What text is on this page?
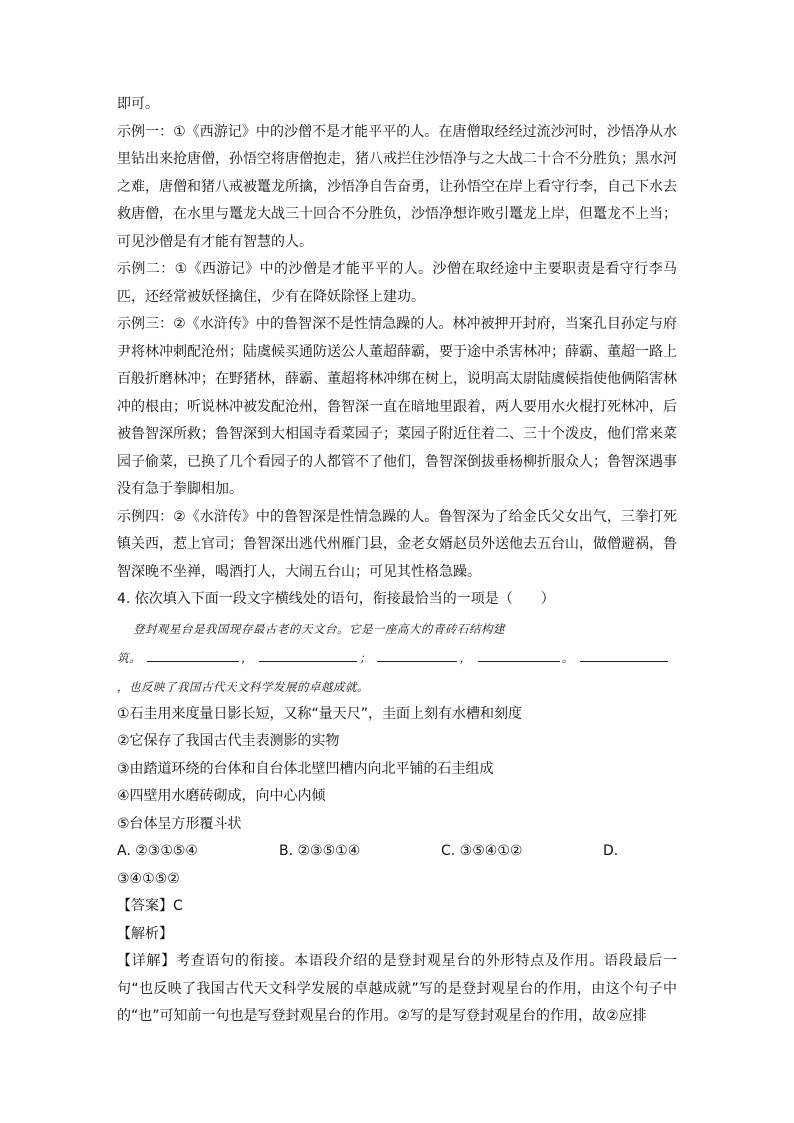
即可。

示例一：①《西游记》中的沙僧不是才能平平的人。在唐僧取经经过流沙河时，沙悟净从水里钻出来抢唐僧，孙悟空将唐僧抱走，猪八戒拦住沙悟净与之大战二十合不分胜负；黑水河之难，唐僧和猪八戒被鼍龙所擒，沙悟净自告奋勇，让孙悟空在岸上看守行李，自己下水去救唐僧，在水里与鼍龙大战三十回合不分胜负，沙悟净想诈败引鼍龙上岸，但鼍龙不上当；可见沙僧是有才能有智慧的人。

示例二：①《西游记》中的沙僧是才能平平的人。沙僧在取经途中主要职责是看守行李马匹，还经常被妖怪擒住，少有在降妖除怪上建功。

示例三：②《水浒传》中的鲁智深不是性情急躁的人。林冲被押开封府，当案孔目孙定与府尹将林冲刺配沧州；陆虞候买通防送公人董超薛霸，要于途中杀害林冲；薛霸、董超一路上百般折磨林冲；在野猪林，薛霸、董超将林冲绑在树上，说明高太尉陆虞候指使他俩陷害林冲的根由；听说林冲被发配沧州，鲁智深一直在暗地里跟着，两人要用水火棍打死林冲，后被鲁智深所救；鲁智深到大相国寺看菜园子；菜园子附近住着二、三十个泼皮，他们常来菜园子偷菜，已换了几个看园子的人都管不了他们，鲁智深倒拔垂杨柳折服众人；鲁智深遇事没有急于拳脚相加。

示例四：②《水浒传》中的鲁智深是性情急躁的人。鲁智深为了给金氏父女出气，三拳打死镇关西，惹上官司；鲁智深出逃代州雁门县，金老女婿赵员外送他去五台山，做僧避祸，鲁智深晚不坐禅，喝酒打人，大闹五台山；可见其性格急躁。

4. 依次填入下面一段文字横线处的语句，衔接最恰当的一项是（　　）

登封观星台是我国现存最古老的天文台。它是一座高大的青砖石结构建

筑。	，	；	，	。

，也反映了我国古代天文科学发展的卓越成就。

①石圭用来度量日影长短，又称“量天尺”，圭面上刻有水槽和刻度

②它保存了我国古代圭表测影的实物

③由踏道环绕的台体和自台体北壁凹槽内向北平铺的石圭组成

④四壁用水磨砖砌成，向中心内倾

⑤台体呈方形覆斗状

A. ②③①⑤④	B. ②③⑤①④	C. ③⑤④①②	D.

③④①⑤②

【答案】C

【解析】

【详解】考查语句的衔接。本语段介绍的是登封观星台的外形特点及作用。语段最后一句“也反映了我国古代天文科学发展的卓越成就”写的是登封观星台的作用，由这个句子中的“也”可知前一句也是写登封观星台的作用。②写的是写登封观星台的作用，故②应排
